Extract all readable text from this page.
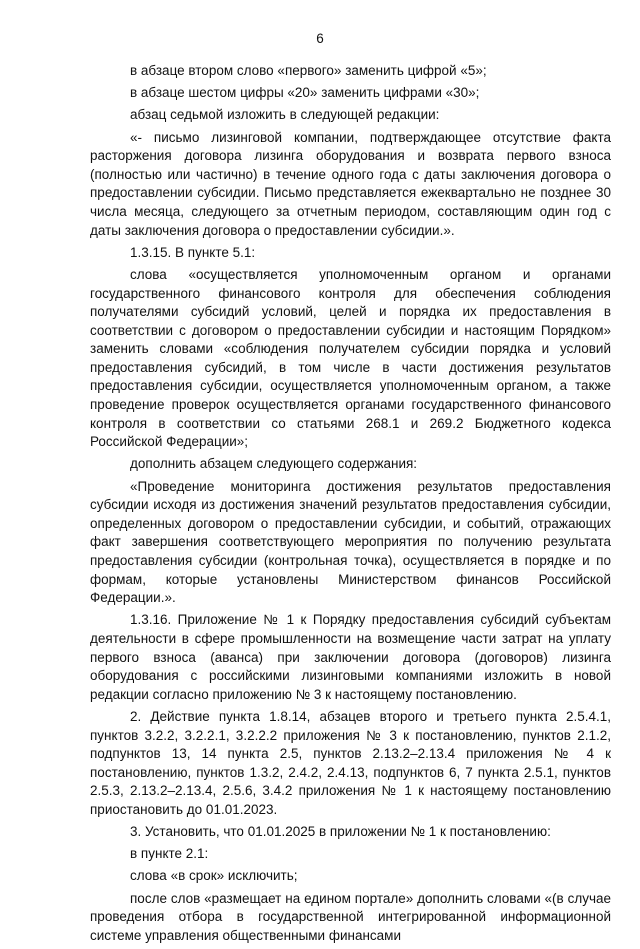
6

в абзаце втором слово «первого» заменить цифрой «5»;

в абзаце шестом цифры «20» заменить цифрами «30»;

абзац седьмой изложить в следующей редакции:

«- письмо лизинговой компании, подтверждающее отсутствие факта расторжения договора лизинга оборудования и возврата первого взноса (полностью или частично) в течение одного года с даты заключения договора о предоставлении субсидии. Письмо представляется ежеквартально не позднее 30 числа месяца, следующего за отчетным периодом, составляющим один год с даты заключения договора о предоставлении субсидии.».

1.3.15. В пункте 5.1:

слова «осуществляется уполномоченным органом и органами государственного финансового контроля для обеспечения соблюдения получателями субсидий условий, целей и порядка их предоставления в соответствии с договором о предоставлении субсидии и настоящим Порядком» заменить словами «соблюдения получателем субсидии порядка и условий предоставления субсидий, в том числе в части достижения результатов предоставления субсидии, осуществляется уполномоченным органом, а также проведение проверок осуществляется органами государственного финансового контроля в соответствии со статьями 268.1 и 269.2 Бюджетного кодекса Российской Федерации»;

дополнить абзацем следующего содержания:

«Проведение мониторинга достижения результатов предоставления субсидии исходя из достижения значений результатов предоставления субсидии, определенных договором о предоставлении субсидии, и событий, отражающих факт завершения соответствующего мероприятия по получению результата предоставления субсидии (контрольная точка), осуществляется в порядке и по формам, которые установлены Министерством финансов Российской Федерации.».

1.3.16. Приложение № 1 к Порядку предоставления субсидий субъектам деятельности в сфере промышленности на возмещение части затрат на уплату первого взноса (аванса) при заключении договора (договоров) лизинга оборудования с российскими лизинговыми компаниями изложить в новой редакции согласно приложению № 3 к настоящему постановлению.

2. Действие пункта 1.8.14, абзацев второго и третьего пункта 2.5.4.1, пунктов 3.2.2, 3.2.2.1, 3.2.2.2 приложения № 3 к постановлению, пунктов 2.1.2, подпунктов 13, 14 пункта 2.5, пунктов 2.13.2–2.13.4 приложения № 4 к постановлению, пунктов 1.3.2, 2.4.2, 2.4.13, подпунктов 6, 7 пункта 2.5.1, пунктов 2.5.3, 2.13.2–2.13.4, 2.5.6, 3.4.2 приложения № 1 к настоящему постановлению приостановить до 01.01.2023.

3. Установить, что 01.01.2025 в приложении № 1 к постановлению:

в пункте 2.1:

слова «в срок» исключить;

после слов «размещает на едином портале» дополнить словами «(в случае проведения отбора в государственной интегрированной информационной системе управления общественными финансами
